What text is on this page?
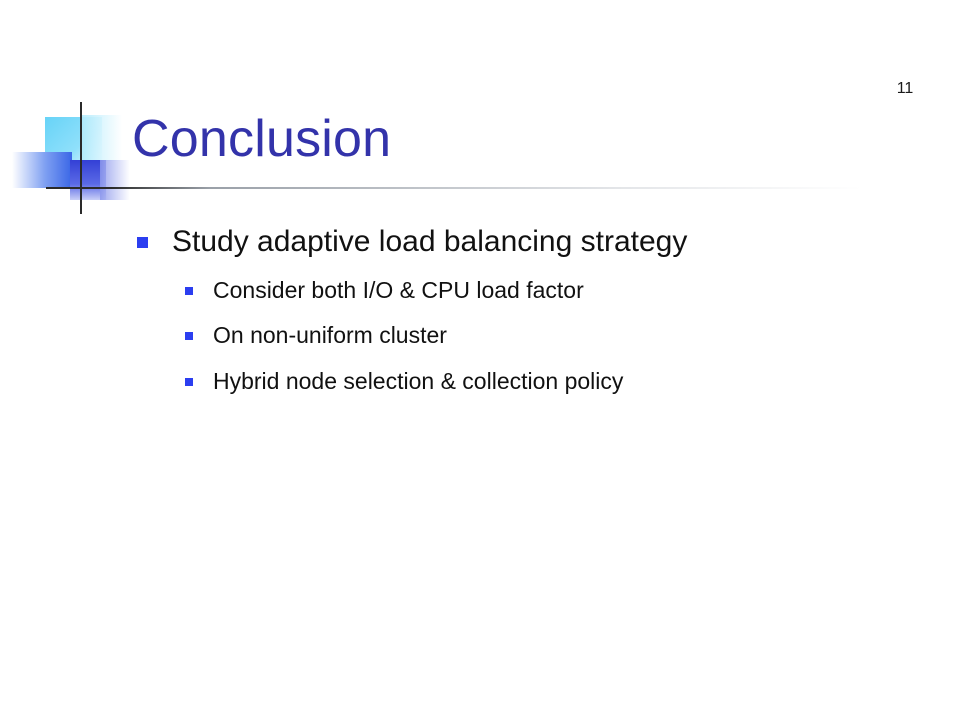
11
Conclusion
Study adaptive load balancing strategy
Consider both I/O & CPU load factor
On non-uniform cluster
Hybrid node selection & collection policy
